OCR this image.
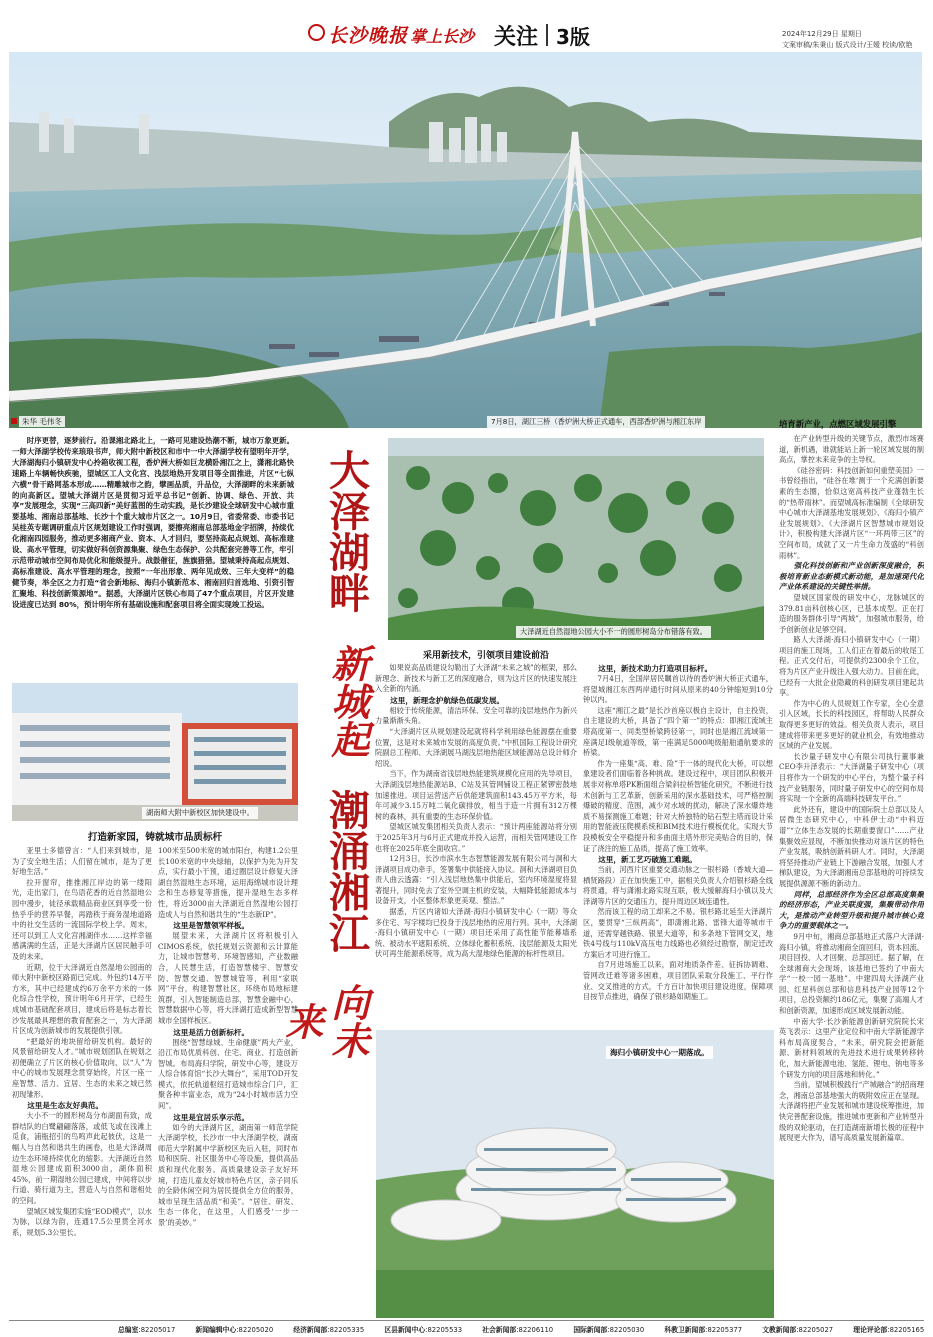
长沙晚报 掌上长沙 关注 3版	2024年12月29日 星期日
文案审稿/朱秉山 版式设计/王嫒 校读/欧艳
朱华 毛伟冬	7月8日，湖江三桥（香炉洲大桥正式通车，西部香炉洲与湘江东岸

时序更替，逐梦前行。沿课湘北路北上，一路可见建设热潮不断，城市万象更新。一师大泽湖学校传来琅琅书声，师大附中新校区和市中一中大泽湖学校有望明年开学，大泽湖海归小镇研发中心拎箱收视工程，香炉洲大桥如巨龙横卧湘江之上，潇湘北路快速路上车辆畅快疾驰，望城区工人文化宫、浅层地热开发项目等全面推进，片区“七纵六横”骨干路网基本形成……精雕城市之韵，擘画品质，升品位，大泽湖畔的未来新城的向高新区。望城大泽湖片区是贯彻习近平总书记“创新、协调、绿色、开放、共享”发展理念，实现“三高四新”美好蓝图的生动实践，是长沙建设全球研发中心城市重要基地、湘南总部基地、长沙十个重大城市片区之一。10月9日，省委常委、市委书记吴桂英专题调研重点片区规划建设工作时强调，要擦亮湘南总部基地金字招牌，持续优化湘南四园服务，推动更多湘商产业、资本、人才回归，要坚持高起点规划、高标准建设、高水平管理，切实做好科创资源集聚、绿色生态保护、公共配套完善等工作，牢引示范带动城市空间布局优化和能级提升。战鼓催征，旌旗猎猎。望城秉持高起点规划、高标准建设、高水平管理的理念，按照“一年出形象、两年见成效、三年大变样”的稳健节奏，举全区之力打造“省会新地标、海归小镇新范本、湘南回归首选地、引资引智汇聚地、科技创新策源地”。据悉，大泽湖片区铁心布局了47个重点项目，片区开发建设进度已达到 80%，预计明年所有基础设施和配套项目将全面实现竣工投运。	大泽湖畔
新城起
潮涌湘江
向未来
湖南师大附中新校区加快建设中。
打造新家园，铸就城市品质标杆

亚里士多德曾言：“人们来到城市，是为了安全地生活；人们留在城市，是为了更好地生活。”

拉开窗帘，推推湘江岸边的第一缕阳光，走出家门，在鸟语花香的近自然湿地公园中漫步，徒径承载精品商业区到享受一份热乎乎的营养早餐，再踏秩于商务湿地道路中的社交生活的一流国际学校上学。周末，还可以到工人文化宫湘湖伴水……这样幸福感满满的生活，正是大泽湖片区居民触手可及的未来。

近期，位于大泽湖近自然湿地公园南的师大附中新校区路面已完成。外包约14万平方米，其中已经建成约6万余平方米的一体化综合性学校，预计明年6月开学，已经生成城市基础配套项目，建成后将是标志着长沙发展最具理想的教育配套之一，为大泽湖片区成为创新城市的发展提供引领。

“把最好的地块留给研发机构。最好的风景留给研发人才。”城市规划团队在规划之初便确立了片区的核心价值取向，以“人”为中心的城市发展理念贯穿始终，片区一座一座智慧、活力、宜居、生态的未来之城已然初现雏形。

这里是生态友好典范。

大小不一的圆形树岛分布湖面有致，成群结队的白鹭翩翩落落，或低飞或在浅滩上觅食，浦瓶招引的鸟鸣声此起彼伏，这是一幅人与自然和谐共生的画卷，也是大泽湖周边生态环境持续优化的缩影。大泽湖近自然湿地公园建成面积3000亩，湖体面积45%，前一期湿地公园已建成，中间将以步行道、骑行道为主，营造人与自然和谐相处的空间。

望城区城发集团实施“EOD模式”，以水为脉，以绿为韵，连通17.5公里贯全河水系，规划5.3公里长。

100米至500米宽的城市阳台，构建1.2公里长100米宽的中央绿轴，以保护为先为开发点，实行最小干预，通过圈层设计修复大泽湖自然湿地生态环境，运用海绵城市设计理念和生态修复等措施，提升湿地生态多样性，将近3000亩大泽湖近自然湿地公园打造成人与自然和谐共生的“生态新IP”。

这里是智慧领军样板。

展望未来，大泽湖片区将积极引入CIMOS系统，依托规划云资源和云计算能力，让城市智慧考、环境智感知，产业数融合，人民慧生活，打造智慧楼宇、智慧安防、智慧交通、智慧城管等，利用“家联网”平台，构建智慧社区，环绕布局地标建筑群，引入智能制造总部，智慧金融中心，智慧数据中心等，将大泽湖打造成新型智慧城市全国样板区。

这里是活力创新标杆。

围绕“智慧绿城、生命健康”两大产业，沿江布局优质科创、住宅、商业、打造创新智城。布局海归学院，研发中心等，建设万人综合体育馆“长沙大舞台”，采用TOD开发模式，依托轨道枢纽打造城市综合门户，汇聚各种丰富业态，成为“24小时城市活力空间”。

这里是宜居乐享示范。

如今的大泽湖片区，湖南第一师范学院大泽湖学校，长沙市一中大泽湖学校，湖南师范大学附属中学新校区先后入驻，同时布局和医院、社区服务中心等设施，提供高品质和现代化服务。高质量建设亲子友好环境，打造儿童友好城市特色片区，亲子同乐的全龄休闲空间为居民提供全方位的服务，城市呈现生活品质“和美”。“居住、研发、生态一体化，在这里，人们感受‘一步一景’的美妙。”

大泽湖近自然湿地公园大小不一的圆形树岛分布错落有致。
采用新技术，引领项目建设前沿

如果说高品质建设勾勒出了大泽湖“未来之城”的框架，那么新理念、新技术与新工艺的深度融合，则为这片区的快速发展注入全新的内涵。

这里，新理念护航绿色低碳发展。

相较于传统能源，清洁环保、安全可靠的浅层地热作为新兴力量渐渐头角。

“大泽湖片区从规划建设起就将科学利用绿色能源摆在重要位置，这是对未来城市发展的高度负责。”中机国际工程设计研究院副总工程师、大泽湖展马湖浅层地热能区域能源站总设计师介绍说。

当下，作为湖南省浅层地热能建筑规模化应用的先导项目，大泽湖浅层地热能源站B、C站及其管网铺设工程正紧锣密鼓地加速推进。项目运营送产后供能建筑面积143.45万平方米，每年可减少3.15万吨二氧化碳排放，相当于造一片拥有312万棵树的森林，具有重要的生态环保价值。

望城区城发集团相关负责人表示：“预计两座能源站将分别于2025年3月与6月正式建成并投入运营，而相关管网建设工作也将在2025年底全面收官。”

12月3日，长沙市滨水生态智慧能源发展有限公司与洞和大泽湖项目成功牵手，签署集中供能接入协议。洞和大泽湖项目负责人曲云透露：“引入浅层地热集中供能后，室内环境湿度将显著提升，同时免去了室外空调主机的安装，大幅降低能源成本与设备开支，小区整体形象更美观、整洁。”

据悉，片区内诸如大泽湖·海归小镇研发中心（一期）等众多住宅、写字楼均已投身于浅层地热的应用行列。其中，大泽湖·海归小镇研发中心（一期）项目还采用了高性能节能幕墙系统、被动水平遮阳系统、立体绿化蓄积系统、浅层能源及太阳光伏可再生能源系统等，成为高大湿地绿色能源的标杆性项目。

这里，新技术助力打造项目标杆。

7月4日，全国岸居民瞩首以待的香炉洲大桥正式通车，将望城湘江东西两岸通行时间从原来的40分钟缩短到10分钟以内。

这座“湘江之最”是长沙首座以极自主设计，自主投资，自主建设的大桥，具备了“四个第一”的特点：即湘江流域主塔高度第一、同类型桥梁跨径第一，同时也是湘江流域第一座满足Ⅰ级航道等级，第一座满足5000吨级船舶通航要求的桥梁。

作为一座集“高、难、险”于一体的现代化大桥，可以想象建设者们面临着各种挑战。建设过程中，项目团队积极开展非对称单塔PK断面组合梁斜拉桥智能化研究，不断进行技术创新与工艺革新，创新采用的深水基础技术，可严格控制爆破的精度、范围，减少对水域的扰动，解决了深水爆炸地质不易探测施工难题；针对大桥独特的钻石型主塔而设计采用的智能液压爬模系统和BIM技术进行模板优化，实现大节段模板安全平稳提升和多曲面主塔外形完美贴合的目的，保证了浇注的施工品质，提高了施工效率。

这里，新工艺巧破施工难题。

当前，河西片区重要交通动脉之一银杉路（香城大道—栖贤路段）正在加快施工中，据相关负责人介绍银杉路全线将贯通，将与潇湘北路实现互联，极大缓解海归小镇以及大泽湖等片区的交通压力，提升周边区域连通性。

然而该工程的动工却来之不易。银杉路北延至大泽湖片区，要贯穿“三纵两高”，即潇湘北路、雷锋大道等城市干道，还需穿越铁路、银星大道等，和多条地下管网交叉，地铁4号线与110kV高压电力线路也必须经过勘察，制定迁改方案后才可进行施工。

自7月进场施工以来，面对地质条件差、征拆协调难、管网改迁难等诸多困难，项目团队采取分段施工、平行作业、交叉推进的方式，千方百计加快项目建设进度，保障项目按节点推进，确保了银杉路如期施工。

海归小镇研发中心一期落成。
培育新产业，点燃区域发展引擎

在产业转型升级的关键节点，激烈市场赛道，新机遇，谁就能站上新一轮区域发展的制高点，掌控未来竞争的主导权。

《硅谷密码：科技创新如何重塑美国》一书曾经指出，“硅谷在堆‘测于一个充满创新要素的生态圈，恰似这宽高科技产业蓬勃生长的“热带雨林”。而望城高标准编制《全球研发中心城市大泽湖基地发展规划》、《海归小镇产业发展规划》、《大泽湖片区智慧城市规划设计》，积极构建大泽湖片区“一环两带三区”的空间布局，成就了又一片生命力茂盛的“科创雨林”。

强化科技创新和产业创新深度融合，积极培育新业态新模式新动能，是加速现代化产业体系建设的关键性举措。

望城区国家级的研发中心，龙脉城区的379.81亩科创核心区，已基本成型。正在打造的服务群体引导“两城”，加强城市服务，给予创新创业足够空间。

路人大泽湖·海归小镇研发中心（一期）项目的施工现场，工人们正在着最后的收尾工程。正式交付后，可提供约2300余个工位，将为片区产业升级注入强大动力。目前在此，已经有一大批企业隐藏的科创研发项目建起共享。

作为中心的人员规划工作专家，全心全意引入区域，长长的科技园区，将帮助人民群众取得更多更好的效益。相关负责人表示，项目建成将带来更多更好的就业机会，有效地推动区域的产业发展。

长沙量子研发中心有限公司执行董事兼CEO李升泽表示：“大泽湖量子研发中心（项目将作为一个研发的中心平台，为整个量子科技产业链服务，同时量子研发中心的空间布局将实现一个全新的高端科技研发平台。”

此外还有，建设中的国际院士总部以及人居微生态研究中心，中科伊士动“中科迈谱”“立体生态发展的长期重要窗口”……产业集聚效应显现，不断加快推动对该片区的特色产业发展，吸纳创新科研人才。同时，大泽湖将坚持推动产业链上下游融合发展，加强人才梯队建设，为大泽湖湘南总部基地的可持续发展提供源源不断的新动力。

同样，总部经济作为全区总部高度集聚的经济形态，产业关联度强，集聚带动作用大，是推动产业转型升级和提升城市核心竞争力的重要载体之一。

9月中旬，湘商总部基地正式落户大泽湖·海归小镇，将推动湘商全面回归，资本回流、项目回投、人才回聚、总部回迁。据了解，在全球湘商大会现场，该基地已签约了中南大学“一校一园一基地”、中建四局大泽湖产业园、红星科创总部和信息科技产业园等12个项目，总投资额约186亿元，集聚了高端人才和创新资源，加速形成区域发展新动能。

中南大学·长沙新能源创新研究院院长宋英飞表示：这里产业定位和中南大学新能源学科布局高度契合，“未来，研究院会把新能源、新材料领域的先进技术进行成果转移转化，加大新能源电池、氢能、锂电、钠电等多个研发方向的项目落地和转化。”

当前，望城积极践行“产城融合”的招商理念，湘南总部基地强大的吸附效应正在显现。大泽湖将把产业发展和城市建设统筹推进，加快完善配套设施，推进城市更新和产业转型升级的双轮驱动，在打造湖南新增长极的征程中展现更大作为，谱写高质量发展新篇章。

总编室:82205017	新闻编辑中心:82205020	经济新闻部:82205335	区县新闻中心:82205533	社会新闻部:82206110	国际新闻部:82205030	科教卫新闻部:82205377	文教新闻部:82205027	理论评论部:82205165
